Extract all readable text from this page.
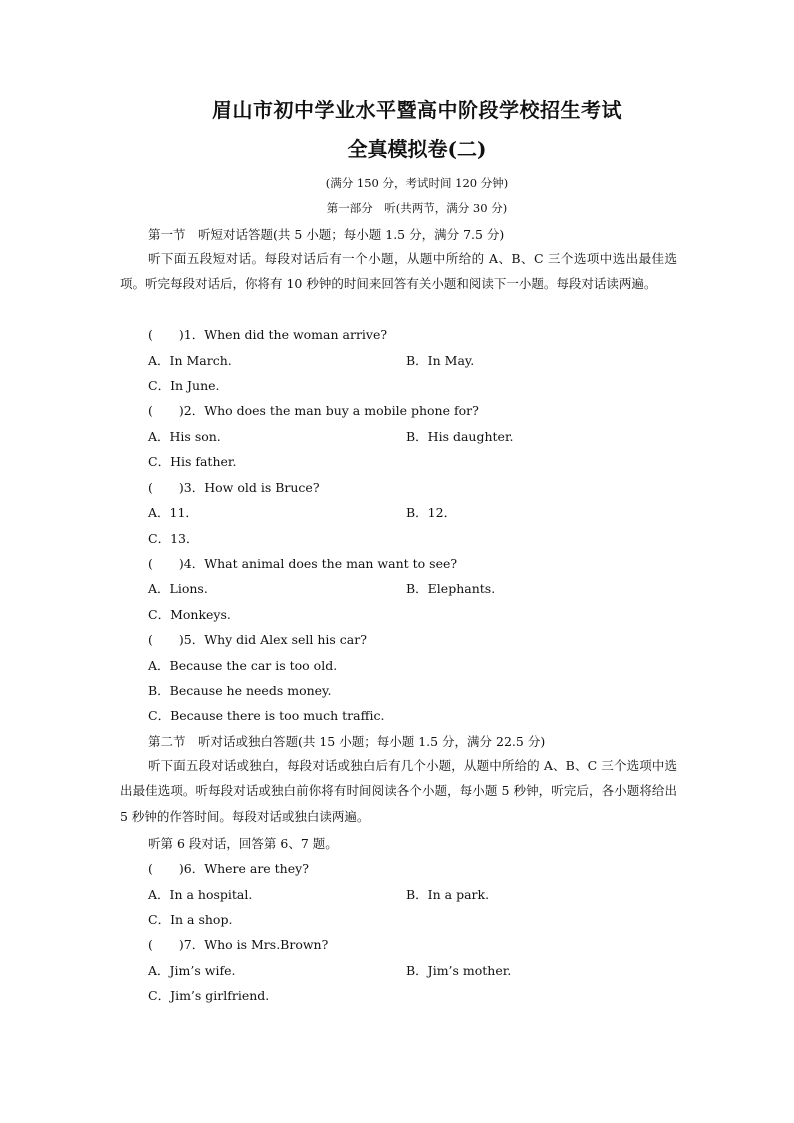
眉山市初中学业水平暨高中阶段学校招生考试
全真模拟卷(二)
(满分 150 分，考试时间 120 分钟)
第一部分　听(共两节，满分 30 分)
第一节　听短对话答题(共 5 小题；每小题 1.5 分，满分 7.5 分)
听下面五段短对话。每段对话后有一个小题，从题中所给的 A、B、C 三个选项中选出最佳选项。听完每段对话后，你将有 10 秒钟的时间来回答有关小题和阅读下一小题。每段对话读两遍。
( )1．When did the woman arrive?
A．In March.	B．In May.
C．In June.
( )2．Who does the man buy a mobile phone for?
A．His son.	B．His daughter.
C．His father.
( )3．How old is Bruce?
A．11．	B．12．
C．13．
( )4．What animal does the man want to see?
A．Lions.	B．Elephants.
C．Monkeys.
( )5．Why did Alex sell his car?
A．Because the car is too old.
B．Because he needs money.
C．Because there is too much traffic.
第二节　听对话或独白答题(共 15 小题；每小题 1.5 分，满分 22.5 分)
听下面五段对话或独白，每段对话或独白后有几个小题，从题中所给的 A、B、C 三个选项中选出最佳选项。听每段对话或独白前你将有时间阅读各个小题，每小题 5 秒钟，听完后，各小题将给出 5 秒钟的作答时间。每段对话或独白读两遍。
听第 6 段对话，回答第 6、7 题。
( )6．Where are they?
A．In a hospital.	B．In a park.
C．In a shop.
( )7．Who is Mrs.Brown?
A．Jim’s wife.	B．Jim’s mother.
C．Jim’s girlfriend.
